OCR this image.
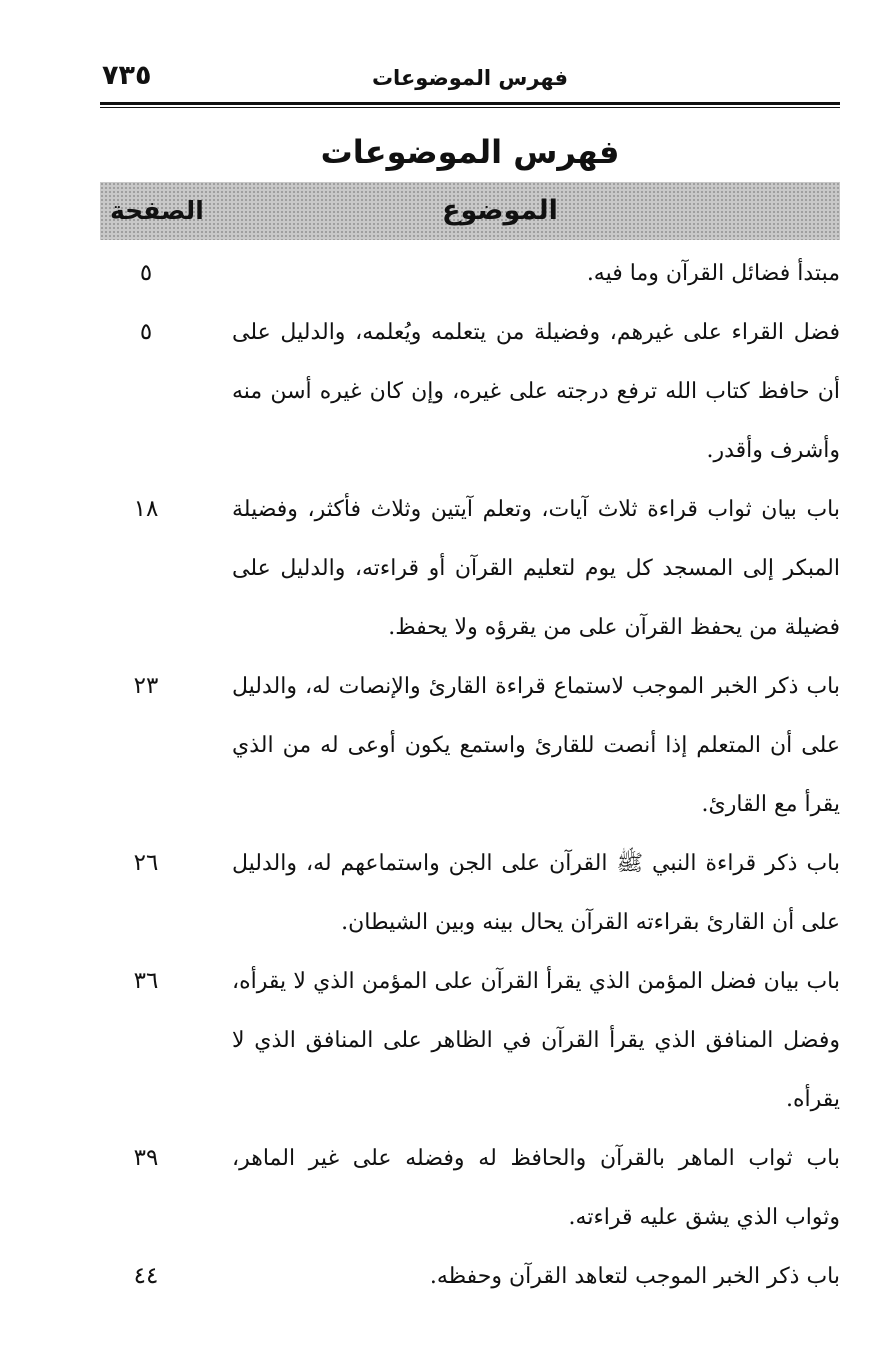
فهرس الموضوعات
٧٣٥
فهرس الموضوعات
الموضوع
الصفحة
مبتدأ فضائل القرآن وما فيه.
٥
فضل القراء على غيرهم، وفضيلة من يتعلمه ويُعلمه، والدليل على أن حافظ كتاب الله ترفع درجته على غيره، وإن كان غيره أسن منه وأشرف وأقدر.
٥
باب بيان ثواب قراءة ثلاث آيات، وتعلم آيتين وثلاث فأكثر، وفضيلة المبكر إلى المسجد كل يوم لتعليم القرآن أو قراءته، والدليل على فضيلة من يحفظ القرآن على من يقرؤه ولا يحفظ.
١٨
باب ذكر الخبر الموجب لاستماع قراءة القارئ والإنصات له، والدليل على أن المتعلم إذا أنصت للقارئ واستمع يكون أوعى له من الذي يقرأ مع القارئ.
٢٣
باب ذكر قراءة النبي ﷺ القرآن على الجن واستماعهم له، والدليل على أن القارئ بقراءته القرآن يحال بينه وبين الشيطان.
٢٦
باب بيان فضل المؤمن الذي يقرأ القرآن على المؤمن الذي لا يقرأه، وفضل المنافق الذي يقرأ القرآن في الظاهر على المنافق الذي لا يقرأه.
٣٦
باب ثواب الماهر بالقرآن والحافظ له وفضله على غير الماهر، وثواب الذي يشق عليه قراءته.
٣٩
باب ذكر الخبر الموجب لتعاهد القرآن وحفظه.
٤٤
